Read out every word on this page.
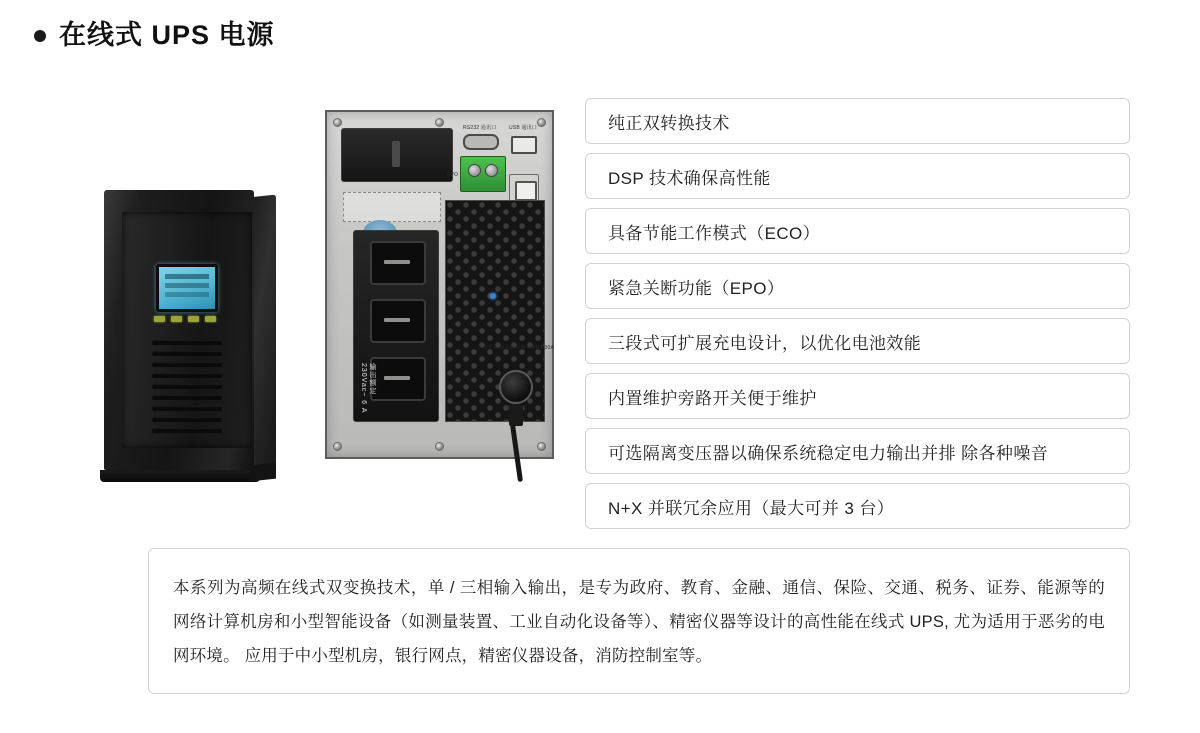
在线式 UPS 电源
RS232 通讯口	USB 通讯口
EPO
输出额定 230Vac~ 6 A
二次开关 输入断路器 INPUT 30A
纯正双转换技术
DSP 技术确保高性能
具备节能工作模式（ECO）
紧急关断功能（EPO）
三段式可扩展充电设计，以优化电池效能
内置维护旁路开关便于维护
可选隔离变压器以确保系统稳定电力输出并排 除各种噪音
N+X 并联冗余应用（最大可并 3 台）

本系列为高频在线式双变换技术，单 / 三相输入输出，是专为政府、教育、金融、通信、保险、交通、税务、证券、能源等的网络计算机房和小型智能设备（如测量装置、工业自动化设备等）、精密仪器等设计的高性能在线式 UPS, 尤为适用于恶劣的电网环境。 应用于中小型机房，银行网点，精密仪器设备，消防控制室等。
